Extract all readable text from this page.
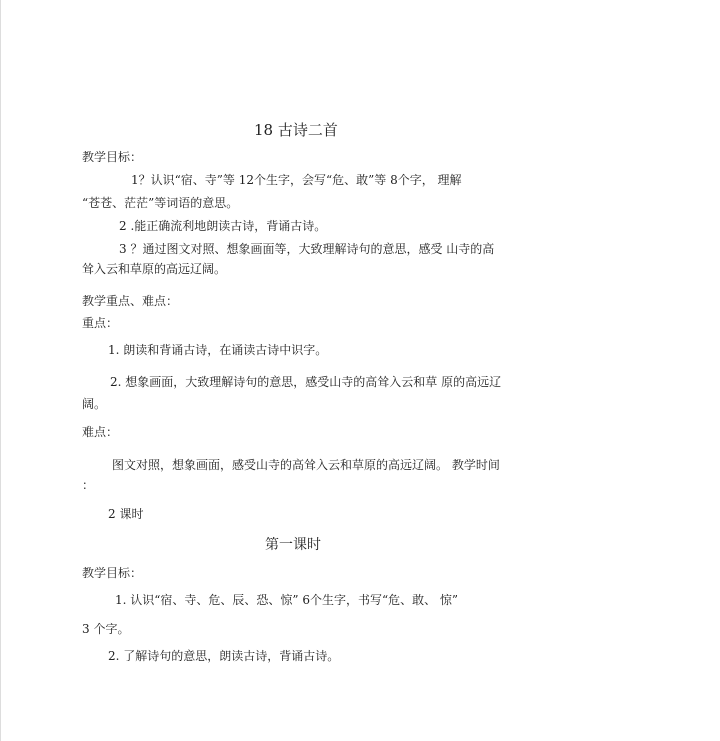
18 古诗二首
教学目标：
1？认识“宿、寺”等 12个生字，会写“危、敢”等 8个字， 理解
“苍苍、茫茫”等词语的意思。
2 .能正确流利地朗读古诗，背诵古诗。
3 ？通过图文对照、想象画面等，大致理解诗句的意思，感受 山寺的高
耸入云和草原的高远辽阔。
教学重点、难点：
重点：
1. 朗读和背诵古诗，在诵读古诗中识字。
2. 想象画面，大致理解诗句的意思，感受山寺的高耸入云和草 原的高远辽
阔。
难点：
图文对照，想象画面，感受山寺的高耸入云和草原的高远辽阔。 教学时间
：
2 课时
第一课时
教学目标：
1. 认识“宿、寺、危、辰、恐、惊” 6个生字，书写“危、敢、 惊”
3 个字。
2. 了解诗句的意思，朗读古诗，背诵古诗。
